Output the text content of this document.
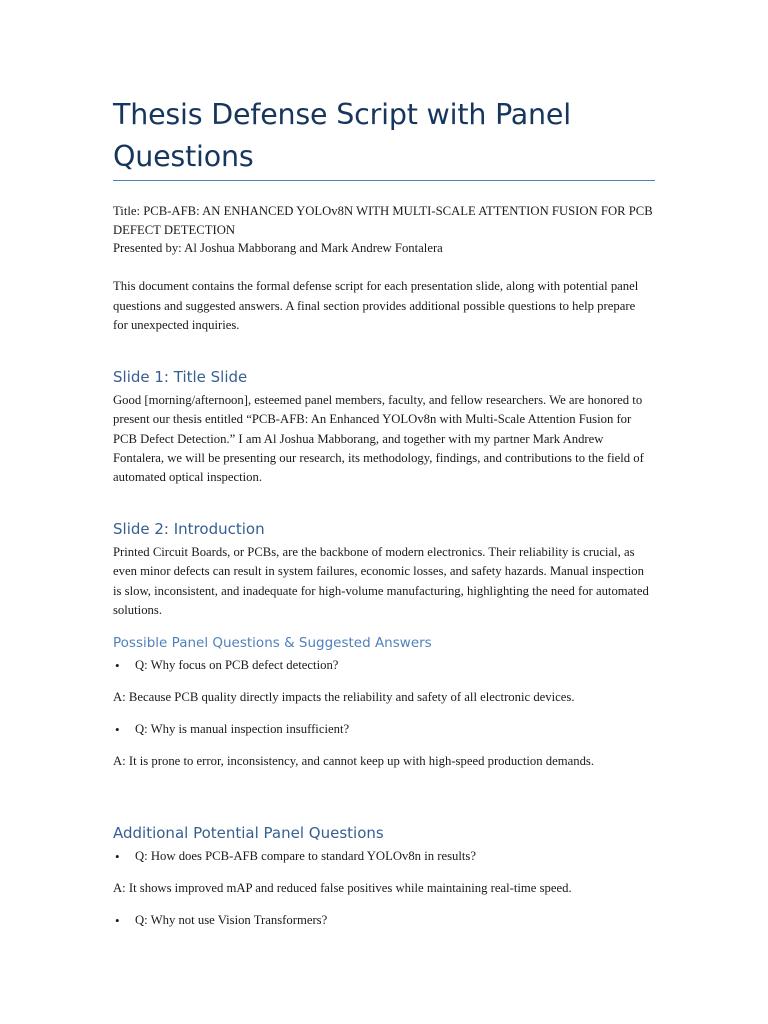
Thesis Defense Script with Panel Questions
Title: PCB-AFB: AN ENHANCED YOLOv8N WITH MULTI-SCALE ATTENTION FUSION FOR PCB DEFECT DETECTION
Presented by: Al Joshua Mabborang and Mark Andrew Fontalera

This document contains the formal defense script for each presentation slide, along with potential panel questions and suggested answers. A final section provides additional possible questions to help prepare for unexpected inquiries.

Slide 1: Title Slide

Good [morning/afternoon], esteemed panel members, faculty, and fellow researchers. We are honored to present our thesis entitled “PCB-AFB: An Enhanced YOLOv8n with Multi-Scale Attention Fusion for PCB Defect Detection.” I am Al Joshua Mabborang, and together with my partner Mark Andrew Fontalera, we will be presenting our research, its methodology, findings, and contributions to the field of automated optical inspection.

Slide 2: Introduction

Printed Circuit Boards, or PCBs, are the backbone of modern electronics. Their reliability is crucial, as even minor defects can result in system failures, economic losses, and safety hazards. Manual inspection is slow, inconsistent, and inadequate for high-volume manufacturing, highlighting the need for automated solutions.

Possible Panel Questions & Suggested Answers
• Q: Why focus on PCB defect detection?

A: Because PCB quality directly impacts the reliability and safety of all electronic devices.

• Q: Why is manual inspection insufficient?

A: It is prone to error, inconsistency, and cannot keep up with high-speed production demands.

Additional Potential Panel Questions
• Q: How does PCB-AFB compare to standard YOLOv8n in results?

A: It shows improved mAP and reduced false positives while maintaining real-time speed.

• Q: Why not use Vision Transformers?
